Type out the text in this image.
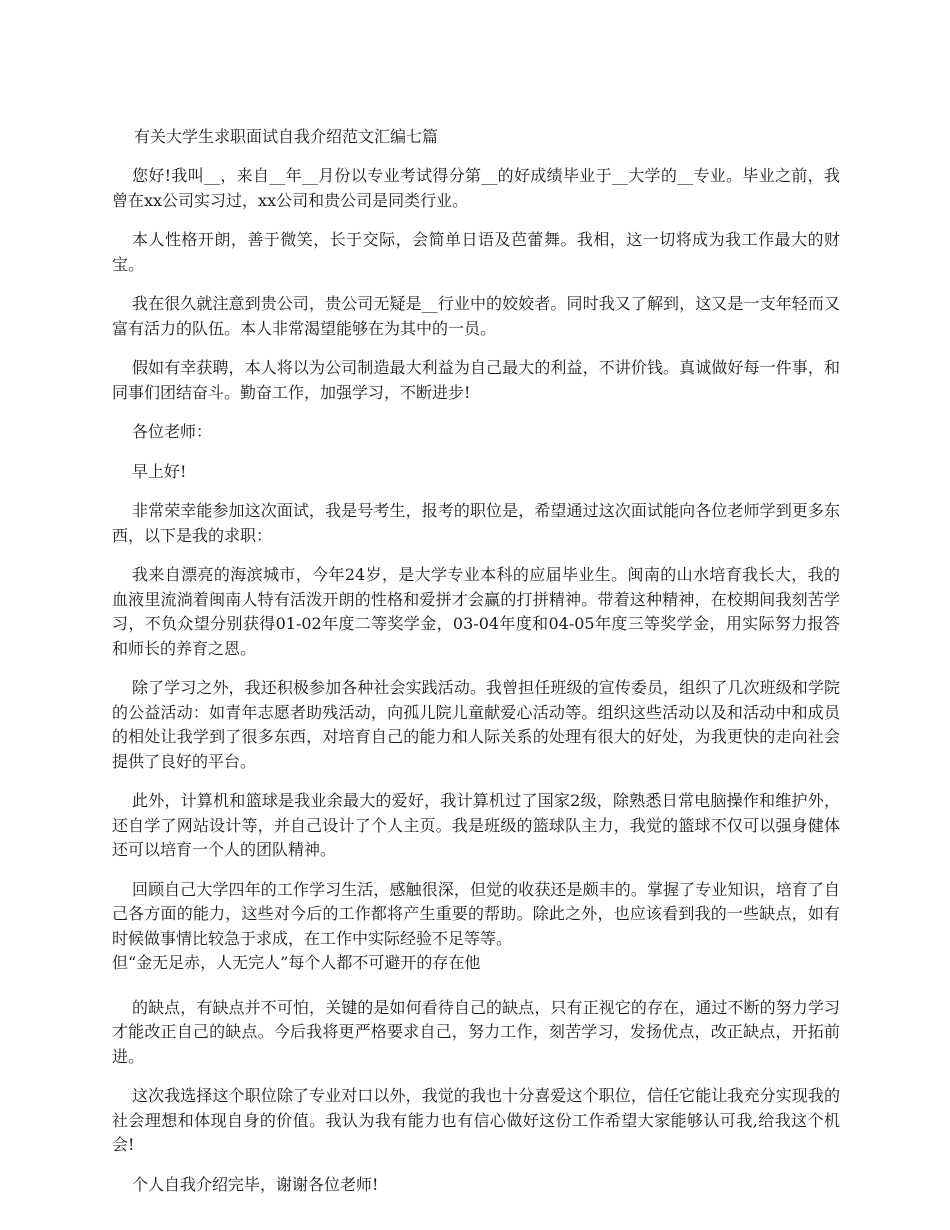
有关大学生求职面试自我介绍范文汇编七篇

您好!我叫__，来自__年__月份以专业考试得分第__的好成绩毕业于__大学的__专业。毕业之前，我曾在xx公司实习过，xx公司和贵公司是同类行业。

本人性格开朗，善于微笑，长于交际，会简单日语及芭蕾舞。我相，这一切将成为我工作最大的财宝。

我在很久就注意到贵公司，贵公司无疑是__行业中的姣姣者。同时我又了解到，这又是一支年轻而又富有活力的队伍。本人非常渴望能够在为其中的一员。

假如有幸获聘，本人将以为公司制造最大利益为自己最大的利益，不讲价钱。真诚做好每一件事，和同事们团结奋斗。勤奋工作，加强学习，不断进步!

各位老师：

早上好!

非常荣幸能参加这次面试，我是号考生，报考的职位是，希望通过这次面试能向各位老师学到更多东西，以下是我的求职：

我来自漂亮的海滨城市，今年24岁，是大学专业本科的应届毕业生。闽南的山水培育我长大，我的血液里流淌着闽南人特有活泼开朗的性格和爱拼才会赢的打拼精神。带着这种精神，在校期间我刻苦学习，不负众望分别获得01-02年度二等奖学金，03-04年度和04-05年度三等奖学金，用实际努力报答和师长的养育之恩。

除了学习之外，我还积极参加各种社会实践活动。我曾担任班级的宣传委员，组织了几次班级和学院的公益活动：如青年志愿者助残活动，向孤儿院儿童献爱心活动等。组织这些活动以及和活动中和成员的相处让我学到了很多东西，对培育自己的能力和人际关系的处理有很大的好处，为我更快的走向社会提供了良好的平台。

此外，计算机和篮球是我业余最大的爱好，我计算机过了国家2级，除熟悉日常电脑操作和维护外，还自学了网站设计等，并自己设计了个人主页。我是班级的篮球队主力，我觉的篮球不仅可以强身健体还可以培育一个人的团队精神。

回顾自己大学四年的工作学习生活，感触很深，但觉的收获还是颇丰的。掌握了专业知识，培育了自己各方面的能力，这些对今后的工作都将产生重要的帮助。除此之外，也应该看到我的一些缺点，如有时候做事情比较急于求成，在工作中实际经验不足等等。

但“金无足赤，人无完人”每个人都不可避开的存在他

的缺点，有缺点并不可怕，关键的是如何看待自己的缺点，只有正视它的存在，通过不断的努力学习才能改正自己的缺点。今后我将更严格要求自己，努力工作，刻苦学习，发扬优点，改正缺点，开拓前进。

这次我选择这个职位除了专业对口以外，我觉的我也十分喜爱这个职位，信任它能让我充分实现我的社会理想和体现自身的价值。我认为我有能力也有信心做好这份工作希望大家能够认可我,给我这个机会!

个人自我介绍完毕，谢谢各位老师!
